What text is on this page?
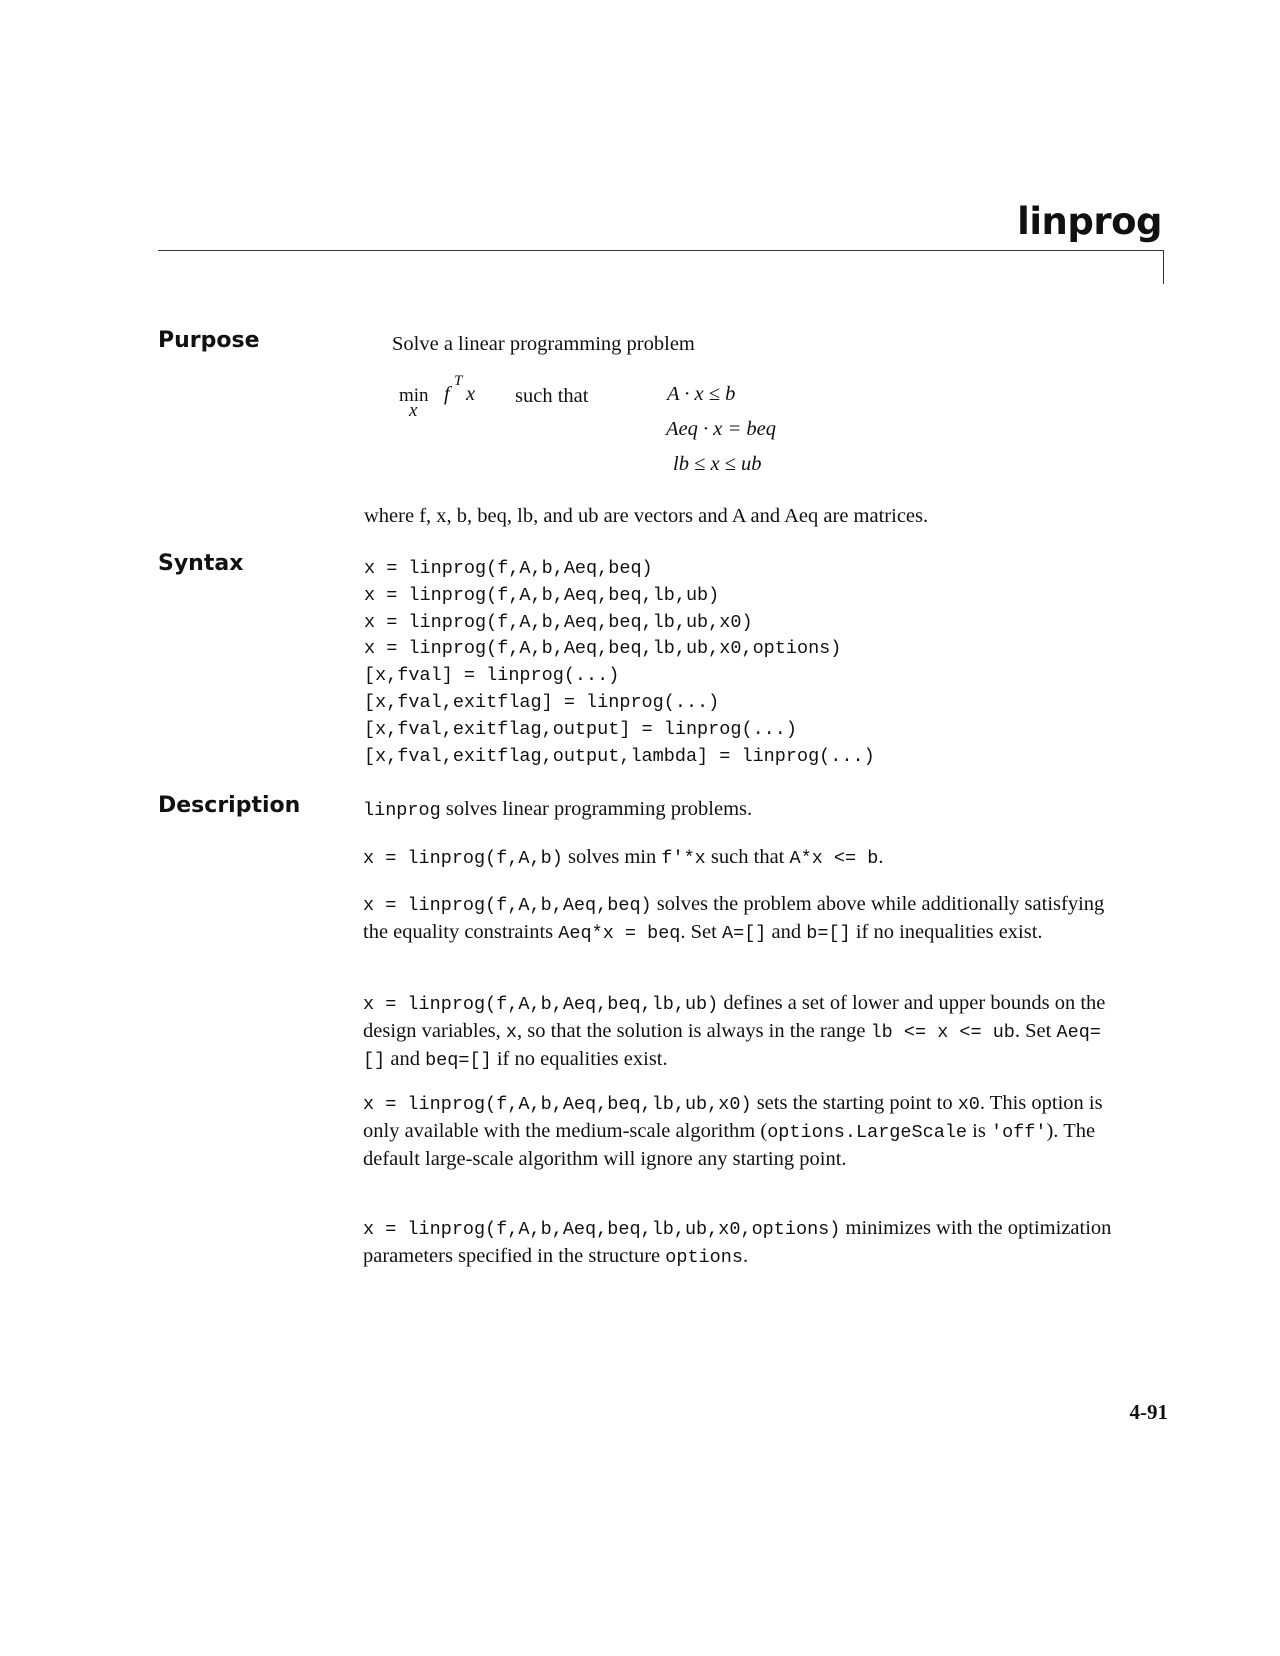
linprog
Purpose	Solve a linear programming problem
min
x
f
T
x such that	A · x ≤ b
Aeq · x = beq
lb ≤ x ≤ ub
where f, x, b, beq, lb, and ub are vectors and A and Aeq are matrices.
Syntax	x = linprog(f,A,b,Aeq,beq)
x = linprog(f,A,b,Aeq,beq,lb,ub)
x = linprog(f,A,b,Aeq,beq,lb,ub,x0)
x = linprog(f,A,b,Aeq,beq,lb,ub,x0,options)
[x,fval] = linprog(...)
[x,fval,exitflag] = linprog(...)
[x,fval,exitflag,output] = linprog(...)
[x,fval,exitflag,output,lambda] = linprog(...)
Description	linprog solves linear programming problems.

x = linprog(f,A,b) solves min f'*x such that A*x <= b.

x = linprog(f,A,b,Aeq,beq) solves the problem above while additionally satisfying the equality constraints Aeq*x = beq. Set A=[] and b=[] if no inequalities exist.

x = linprog(f,A,b,Aeq,beq,lb,ub) defines a set of lower and upper bounds on the design variables, x, so that the solution is always in the range lb <= x <= ub. Set Aeq=[] and beq=[] if no equalities exist.

x = linprog(f,A,b,Aeq,beq,lb,ub,x0) sets the starting point to x0. This option is only available with the medium-scale algorithm (options.LargeScale is 'off'). The default large-scale algorithm will ignore any starting point.

x = linprog(f,A,b,Aeq,beq,lb,ub,x0,options) minimizes with the optimization parameters specified in the structure options.

4-91
